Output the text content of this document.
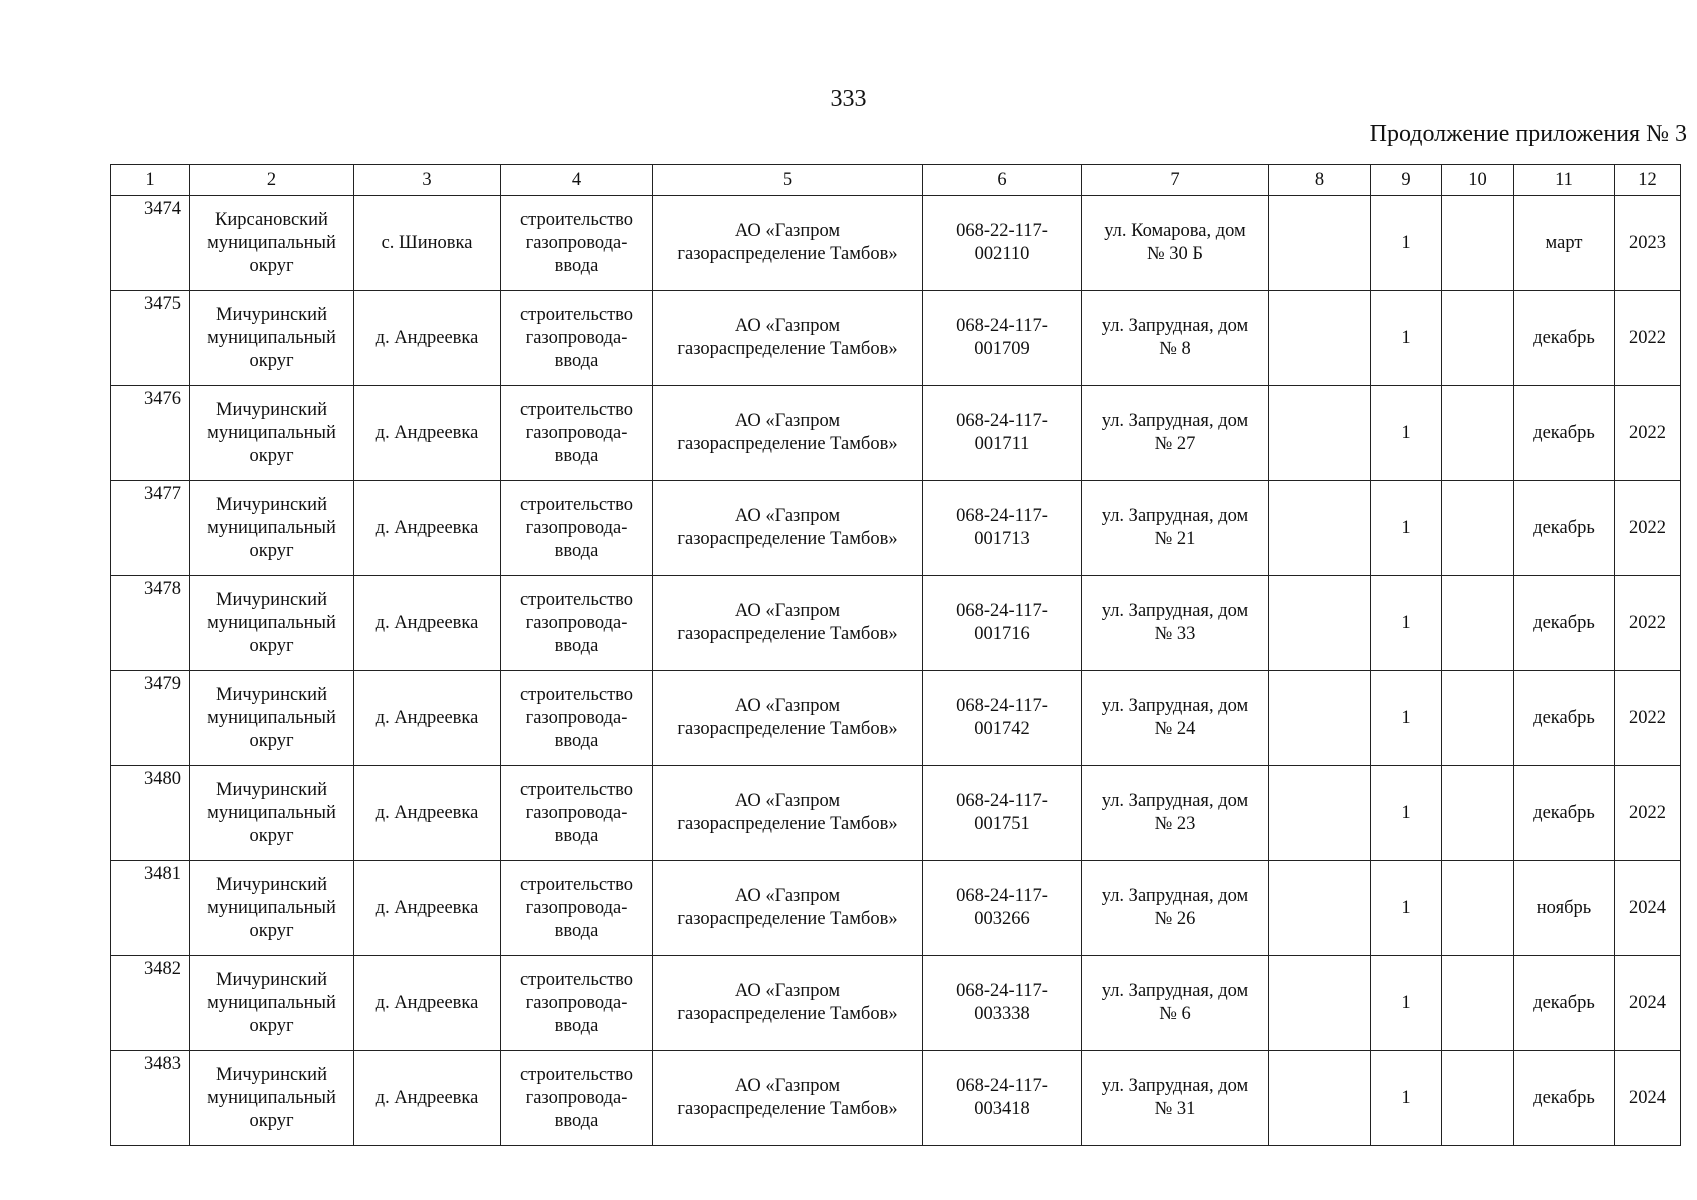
333
Продолжение приложения № 3
1	2	3	4	5	6	7	8	9	10	11	12
3474	Кирсановский
муниципальный
округ	с. Шиновка	строительство
газопровода-
ввода	АО «Газпром
газораспределение Тамбов»	068-22-117-
002110	ул. Комарова, дом
№ 30 Б		1		март	2023
3475	Мичуринский
муниципальный
округ	д. Андреевка	строительство
газопровода-
ввода	АО «Газпром
газораспределение Тамбов»	068-24-117-
001709	ул. Запрудная, дом
№ 8		1		декабрь	2022
3476	Мичуринский
муниципальный
округ	д. Андреевка	строительство
газопровода-
ввода	АО «Газпром
газораспределение Тамбов»	068-24-117-
001711	ул. Запрудная, дом
№ 27		1		декабрь	2022
3477	Мичуринский
муниципальный
округ	д. Андреевка	строительство
газопровода-
ввода	АО «Газпром
газораспределение Тамбов»	068-24-117-
001713	ул. Запрудная, дом
№ 21		1		декабрь	2022
3478	Мичуринский
муниципальный
округ	д. Андреевка	строительство
газопровода-
ввода	АО «Газпром
газораспределение Тамбов»	068-24-117-
001716	ул. Запрудная, дом
№ 33		1		декабрь	2022
3479	Мичуринский
муниципальный
округ	д. Андреевка	строительство
газопровода-
ввода	АО «Газпром
газораспределение Тамбов»	068-24-117-
001742	ул. Запрудная, дом
№ 24		1		декабрь	2022
3480	Мичуринский
муниципальный
округ	д. Андреевка	строительство
газопровода-
ввода	АО «Газпром
газораспределение Тамбов»	068-24-117-
001751	ул. Запрудная, дом
№ 23		1		декабрь	2022
3481	Мичуринский
муниципальный
округ	д. Андреевка	строительство
газопровода-
ввода	АО «Газпром
газораспределение Тамбов»	068-24-117-
003266	ул. Запрудная, дом
№ 26		1		ноябрь	2024
3482	Мичуринский
муниципальный
округ	д. Андреевка	строительство
газопровода-
ввода	АО «Газпром
газораспределение Тамбов»	068-24-117-
003338	ул. Запрудная, дом
№ 6		1		декабрь	2024
3483	Мичуринский
муниципальный
округ	д. Андреевка	строительство
газопровода-
ввода	АО «Газпром
газораспределение Тамбов»	068-24-117-
003418	ул. Запрудная, дом
№ 31		1		декабрь	2024
